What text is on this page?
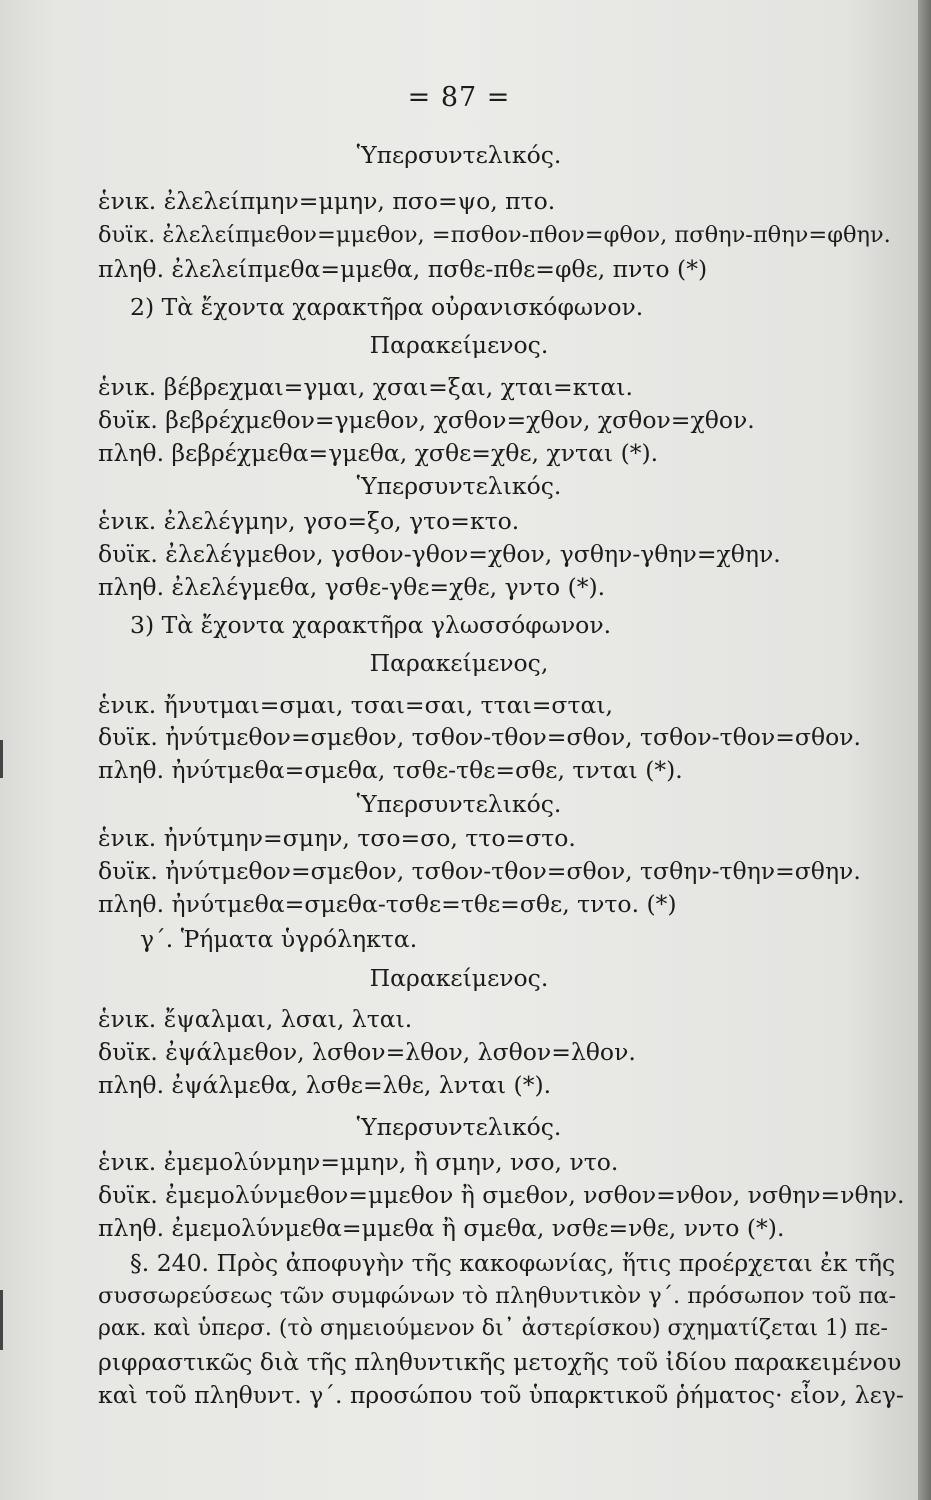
= 87 =
Ὑπερσυντελικός.
ἑνικ. ἐλελείπμην=μμην, πσο=ψο, πτο.
δυϊκ. ἐλελείπμεθον=μμεθον, =πσθον-πθον=φθον, πσθην-πθην=φθην.
πληθ. ἐλελείπμεθα=μμεθα, πσθε-πθε=φθε, πντο (*)
2) Τὰ ἔχοντα χαρακτῆρα οὐρανισκόφωνον.
Παρακείμενος.
ἑνικ. βέβρεχμαι=γμαι, χσαι=ξαι, χται=κται.
δυϊκ. βεβρέχμεθον=γμεθον, χσθον=χθον, χσθον=χθον.
πληθ. βεβρέχμεθα=γμεθα, χσθε=χθε, χνται (*).
Ὑπερσυντελικός.
ἑνικ. ἐλελέγμην, γσο=ξο, γτο=κτο.
δυϊκ. ἐλελέγμεθον, γσθον-γθον=χθον, γσθην-γθην=χθην.
πληθ. ἐλελέγμεθα, γσθε-γθε=χθε, γντο (*).
3) Τὰ ἔχοντα χαρακτῆρα γλωσσόφωνον.
Παρακείμενος,
ἑνικ. ἤνυτμαι=σμαι, τσαι=σαι, τται=σται,
δυϊκ. ἠνύτμεθον=σμεθον, τσθον-τθον=σθον, τσθον-τθον=σθον.
πληθ. ἠνύτμεθα=σμεθα, τσθε-τθε=σθε, τνται (*).
Ὑπερσυντελικός.
ἑνικ. ἠνύτμην=σμην, τσο=σο, ττο=στο.
δυϊκ. ἠνύτμεθον=σμεθον, τσθον-τθον=σθον, τσθην-τθην=σθην.
πληθ. ἠνύτμεθα=σμεθα-τσθε=τθε=σθε, τντο. (*)
γ΄. Ῥήματα ὑγρόληκτα.
Παρακείμενος.
ἑνικ. ἔψαλμαι, λσαι, λται.
δυϊκ. ἐψάλμεθον, λσθον=λθον, λσθον=λθον.
πληθ. ἐψάλμεθα, λσθε=λθε, λνται (*).
Ὑπερσυντελικός.
ἑνικ. ἐμεμολύνμην=μμην, ἢ σμην, νσο, ντο.
δυϊκ. ἐμεμολύνμεθον=μμεθον ἢ σμεθον, νσθον=νθον, νσθην=νθην.
πληθ. ἐμεμολύνμεθα=μμεθα ἢ σμεθα, νσθε=νθε, νντο (*).
§. 240. Πρὸς ἀποφυγὴν τῆς κακοφωνίας, ἥτις προέρχεται ἐκ τῆς
συσσωρεύσεως τῶν συμφώνων τὸ πληθυντικὸν γ΄. πρόσωπον τοῦ πα-
ρακ. καὶ ὑπερσ. (τὸ σημειούμενον δι᾽ ἀστερίσκου) σχηματίζεται 1) πε-
ριφραστικῶς διὰ τῆς πληθυντικῆς μετοχῆς τοῦ ἰδίου παρακειμένου
καὶ τοῦ πληθυντ. γ΄. προσώπου τοῦ ὑπαρκτικοῦ ῥήματος· εἶον, λεγ-
